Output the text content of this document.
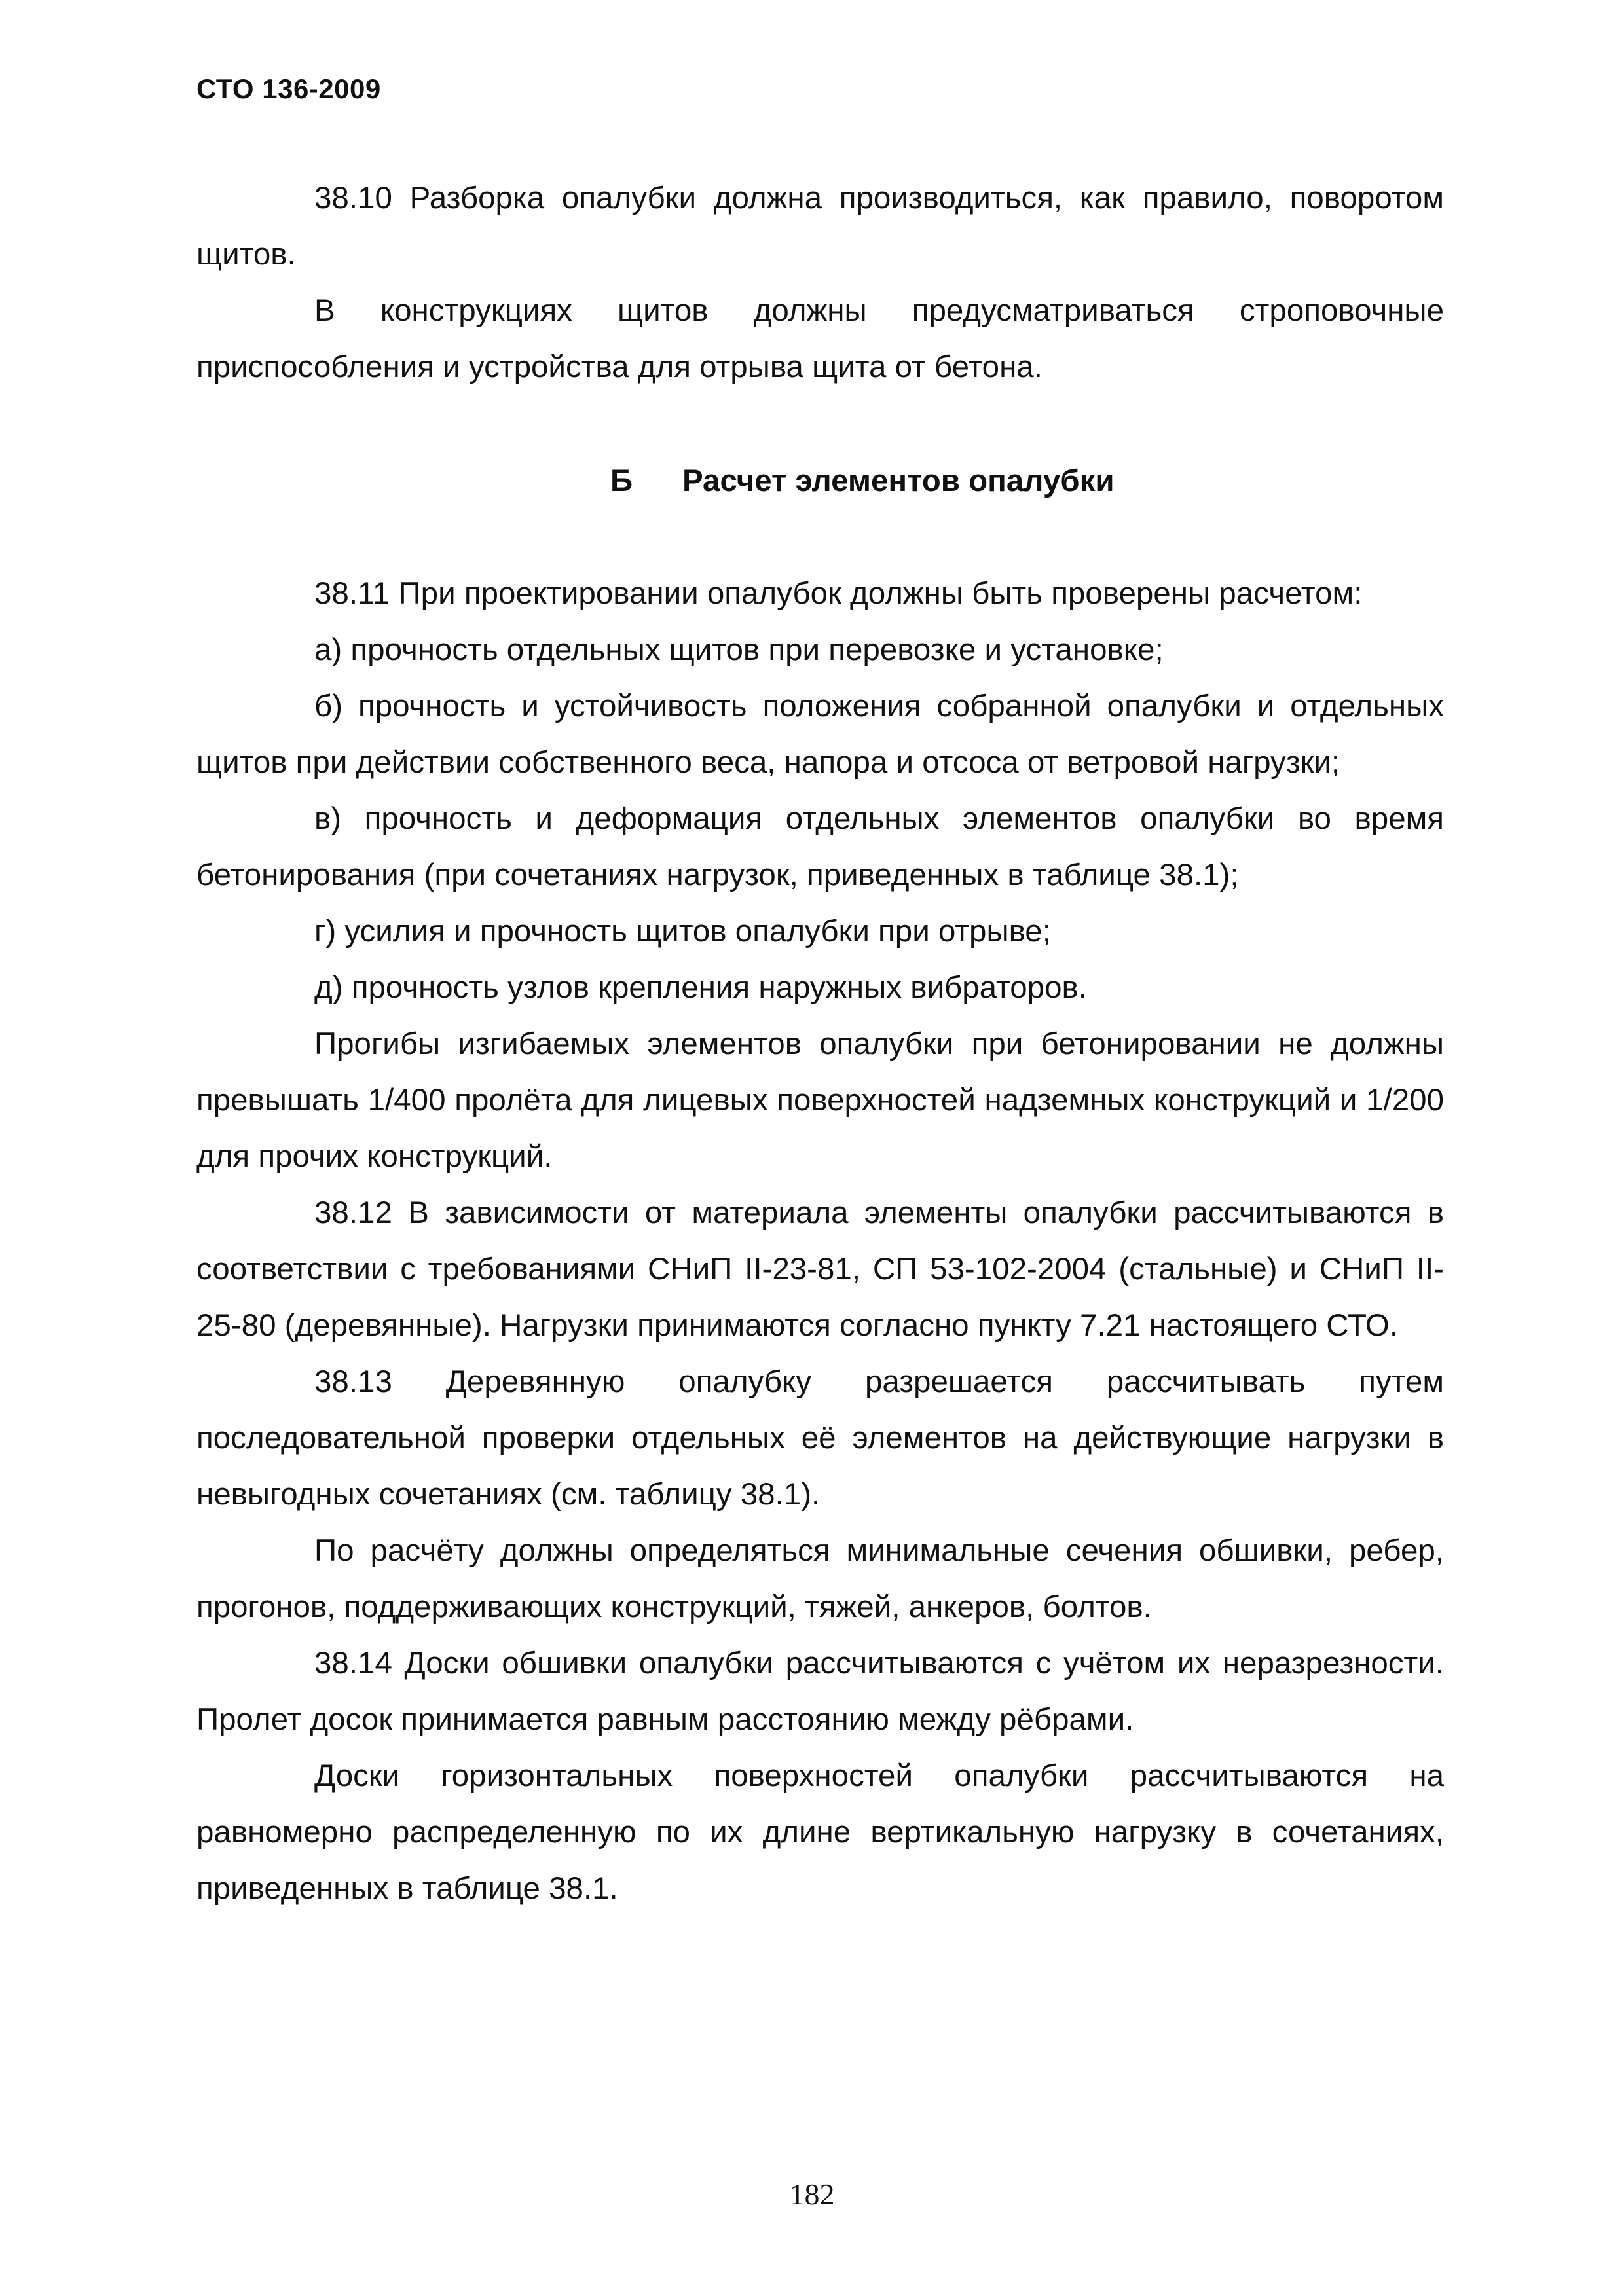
СТО 136-2009

38.10 Разборка опалубки должна производиться, как правило, поворотом щитов.

В конструкциях щитов должны предусматриваться строповочные приспособления и устройства для отрыва щита от бетона.

Б Расчет элементов опалубки

38.11 При проектировании опалубок должны быть проверены расчетом:

а) прочность отдельных щитов при перевозке и установке;

б) прочность и устойчивость положения собранной опалубки и отдельных щитов при действии собственного веса, напора и отсоса от ветровой нагрузки;

в) прочность и деформация отдельных элементов опалубки во время бетонирования (при сочетаниях нагрузок, приведенных в таблице 38.1);

г) усилия и прочность щитов опалубки при отрыве;

д) прочность узлов крепления наружных вибраторов.

Прогибы изгибаемых элементов опалубки при бетонировании не должны превышать 1/400 пролёта для лицевых поверхностей надземных конструкций и 1/200 для прочих конструкций.

38.12 В зависимости от материала элементы опалубки рассчитываются в соответствии с требованиями СНиП II-23-81, СП 53-102-2004 (стальные) и СНиП II-25-80 (деревянные). Нагрузки принимаются согласно пункту 7.21 настоящего СТО.

38.13 Деревянную опалубку разрешается рассчитывать путем последовательной проверки отдельных её элементов на действующие нагрузки в невыгодных сочетаниях (см. таблицу 38.1).

По расчёту должны определяться минимальные сечения обшивки, ребер, прогонов, поддерживающих конструкций, тяжей, анкеров, болтов.

38.14 Доски обшивки опалубки рассчитываются с учётом их неразрезности. Пролет досок принимается равным расстоянию между рёбрами.

Доски горизонтальных поверхностей опалубки рассчитываются на равномерно распределенную по их длине вертикальную нагрузку в сочетаниях, приведенных в таблице 38.1.

182
